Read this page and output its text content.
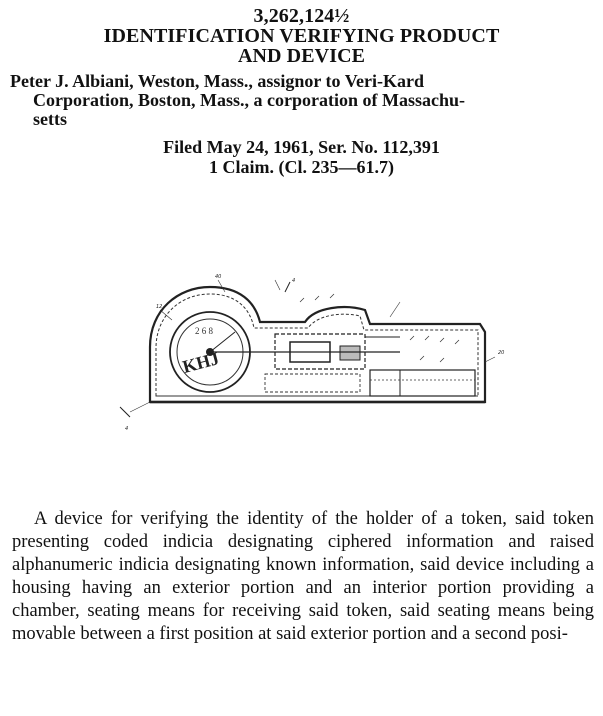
3,262,124½
IDENTIFICATION VERIFYING PRODUCT
AND DEVICE
Peter J. Albiani, Weston, Mass., assignor to Veri-Kard
Corporation, Boston, Mass., a corporation of Massachu-
setts
Filed May 24, 1961, Ser. No. 112,391
1 Claim. (Cl. 235—61.7)
KHJ
2 6 8
4
4
40
12
20

A device for verifying the identity of the holder of a token, said token presenting coded indicia designating ciphered information and raised alphanumeric indicia designating known information, said device including a housing having an exterior portion and an interior portion providing a chamber, seating means for receiving said token, said seating means being movable between a first position at said exterior portion and a second posi-
